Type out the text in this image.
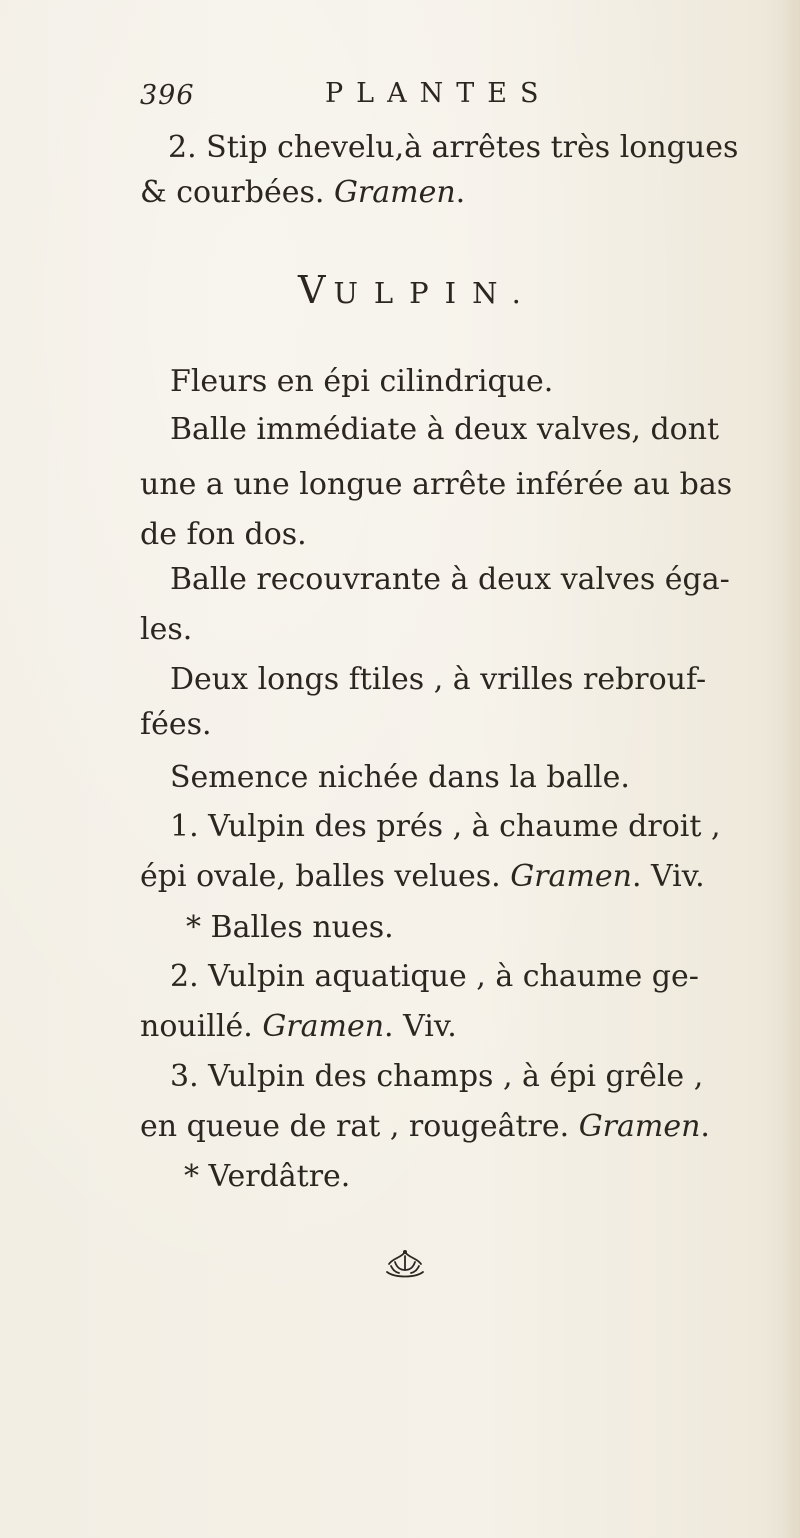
396	PLANTES
2. Stip chevelu,à arrêtes très longues
& courbées. Gramen.
VULPIN.
Fleurs en épi cilindrique.
Balle immédiate à deux valves, dont
une a une longue arrête inférée au bas
de fon dos.
Balle recouvrante à deux valves éga-
les.
Deux longs ftiles , à vrilles rebrouf-
fées.
Semence nichée dans la balle.
1. Vulpin des prés , à chaume droit ,
épi ovale, balles velues. Gramen. Viv.
* Balles nues.
2. Vulpin aquatique , à chaume ge-
nouillé. Gramen. Viv.
3. Vulpin des champs , à épi grêle ,
en queue de rat , rougeâtre. Gramen.
* Verdâtre.
